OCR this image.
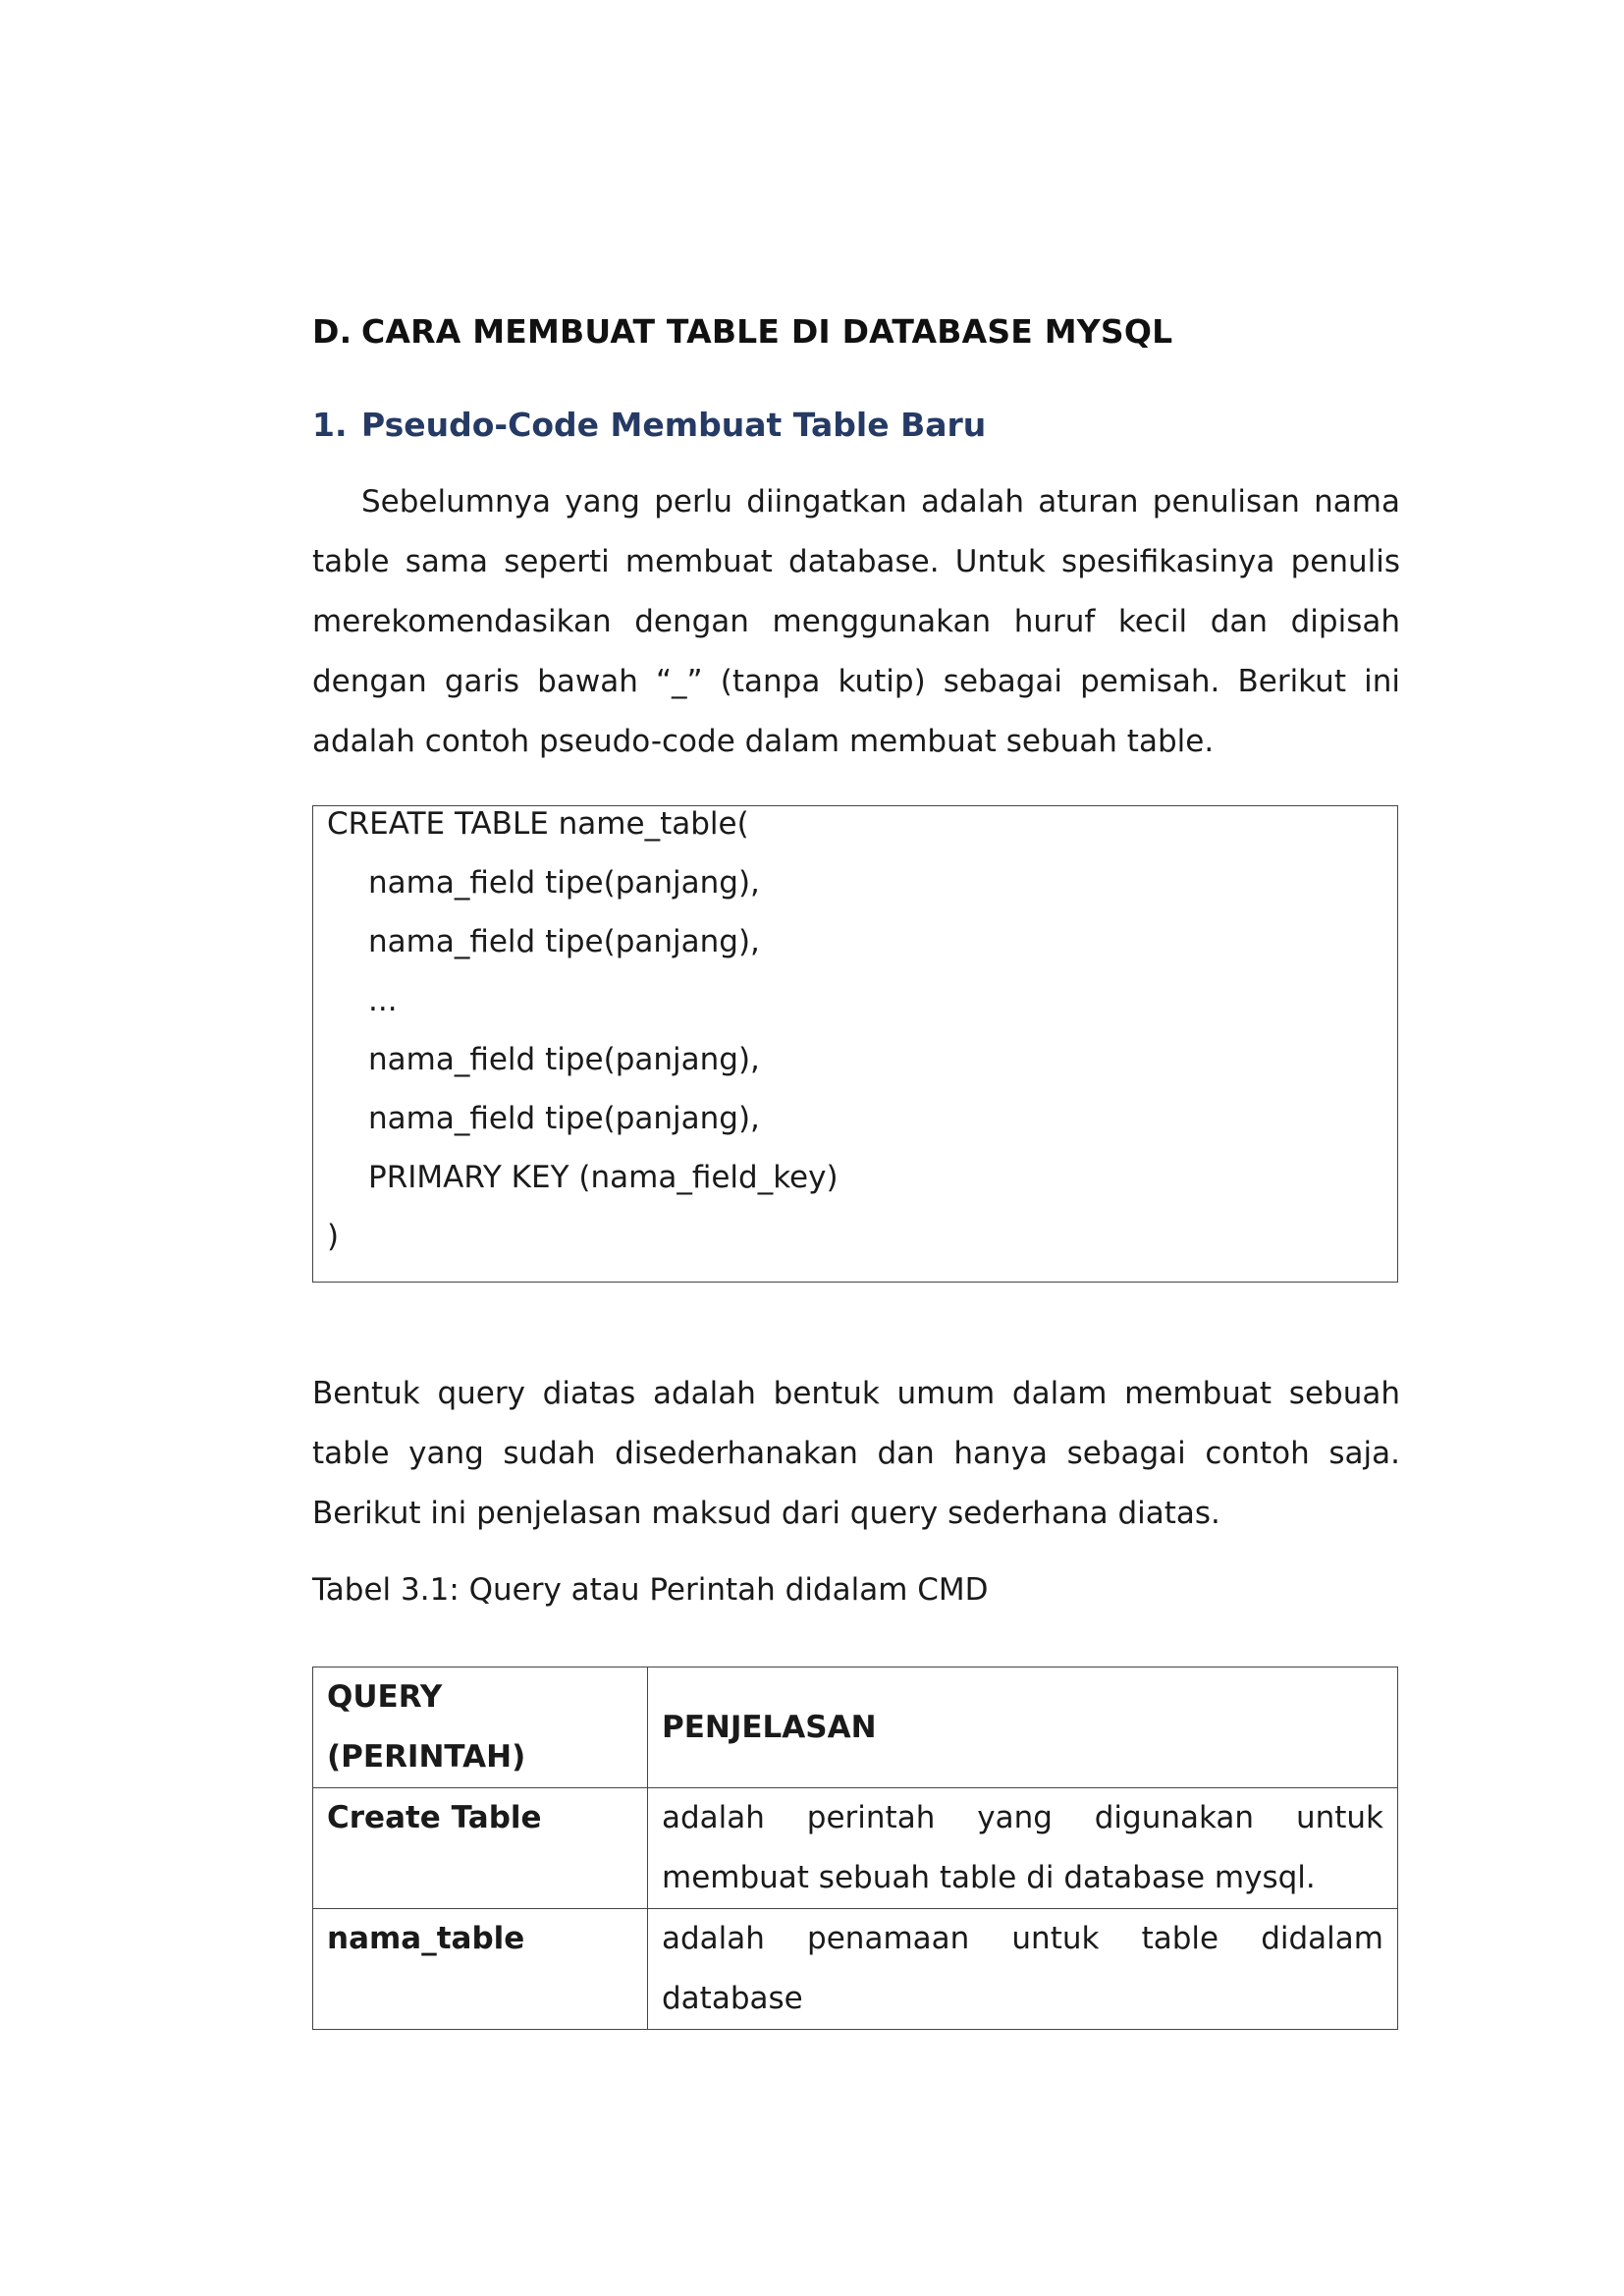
D. CARA MEMBUAT TABLE DI DATABASE MYSQL
1. Pseudo-Code Membuat Table Baru

Sebelumnya yang perlu diingatkan adalah aturan penulisan nama table sama seperti membuat database. Untuk spesifikasinya penulis merekomendasikan dengan menggunakan huruf kecil dan dipisah dengan garis bawah “_” (tanpa kutip) sebagai pemisah. Berikut ini adalah contoh pseudo-code dalam membuat sebuah table.

CREATE TABLE name_table(
nama_field tipe(panjang),
nama_field tipe(panjang),
...
nama_field tipe(panjang),
nama_field tipe(panjang),
PRIMARY KEY (nama_field_key)
)

Bentuk query diatas adalah bentuk umum dalam membuat sebuah table yang sudah disederhanakan dan hanya sebagai contoh saja. Berikut ini penjelasan maksud dari query sederhana diatas.

Tabel 3.1: Query atau Perintah didalam CMD
QUERY (PERINTAH)	PENJELASAN
Create Table	adalah perintah yang digunakan untuk membuat sebuah table di database mysql.
nama_table	adalah penamaan untuk table didalam database
